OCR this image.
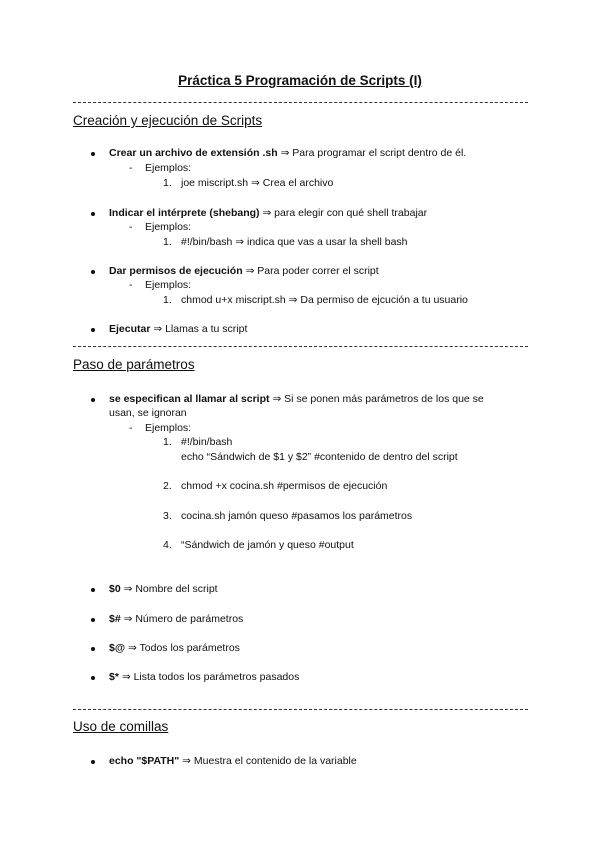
Práctica 5 Programación de Scripts (I)
Creación y ejecución de Scripts
Crear un archivo de extensión .sh ⇒ Para programar el script dentro de él.
- Ejemplos:
1. joe miscript.sh ⇒ Crea el archivo
Indicar el intérprete (shebang) ⇒ para elegir con qué shell trabajar
- Ejemplos:
1. #!/bin/bash ⇒ indica que vas a usar la shell bash
Dar permisos de ejecución ⇒ Para poder correr el script
- Ejemplos:
1. chmod u+x miscript.sh ⇒ Da permiso de ejcución a tu usuario
Ejecutar ⇒ Llamas a tu script
Paso de parámetros
se especifican al llamar al script ⇒ Si se ponen más parámetros de los que se
usan, se ignoran
- Ejemplos:
1. #!/bin/bash
echo “Sándwich de $1 y $2” #contenido de dentro del script
2. chmod +x cocina.sh #permisos de ejecución
3. cocina.sh jamón queso #pasamos los parámetros
4. “Sándwich de jamón y queso #output
$0 ⇒ Nombre del script
$# ⇒ Número de parámetros
$@ ⇒ Todos los parámetros
$* ⇒ Lista todos los parámetros pasados
Uso de comillas
echo "$PATH" ⇒ Muestra el contenido de la variable
